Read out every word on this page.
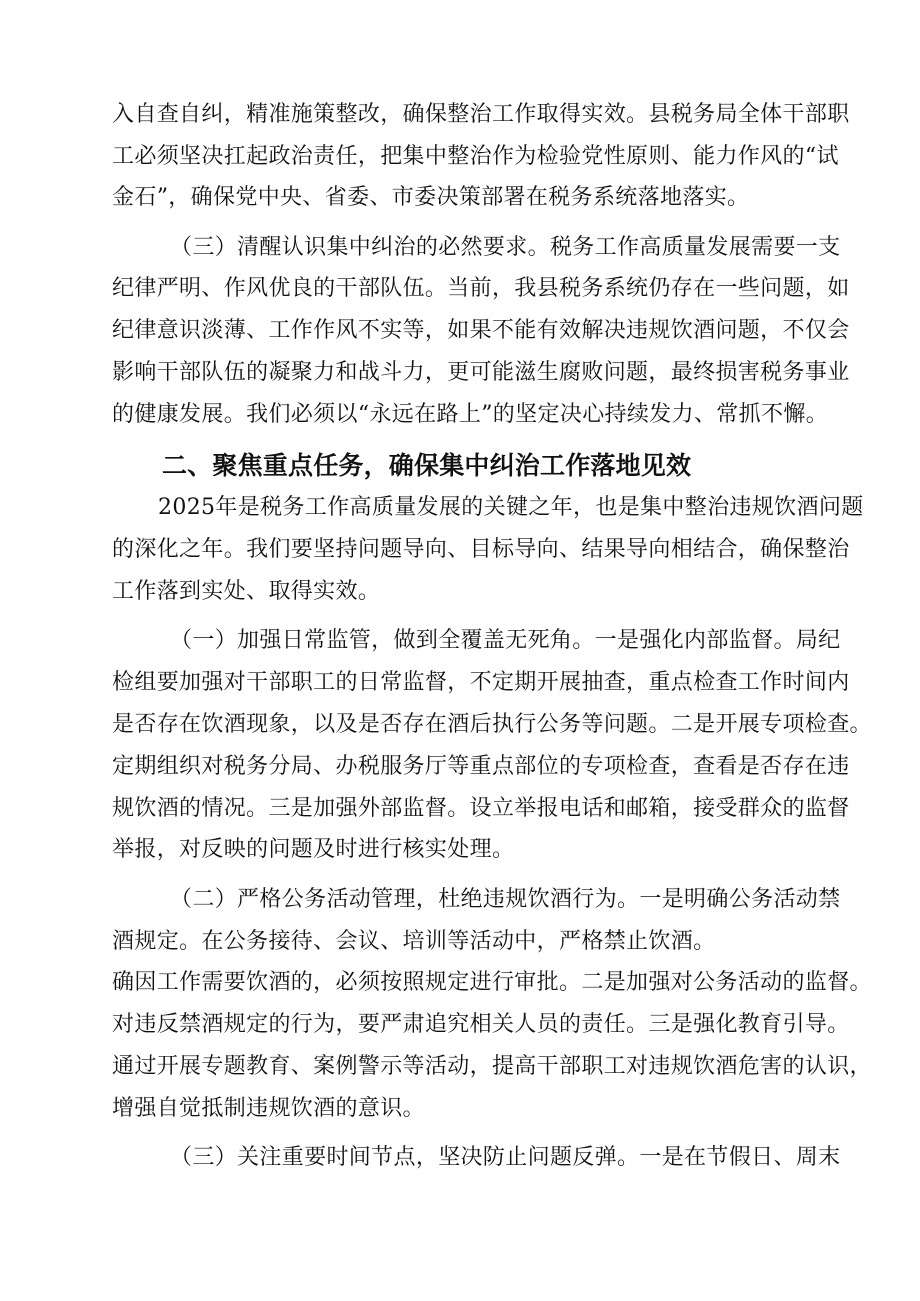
入自查自纠，精准施策整改，确保整治工作取得实效。县税务局全体干部职
工必须坚决扛起政治责任，把集中整治作为检验党性原则、能力作风的“试
金石”，确保党中央、省委、市委决策部署在税务系统落地落实。
（三）清醒认识集中纠治的必然要求。税务工作高质量发展需要一支
纪律严明、作风优良的干部队伍。当前，我县税务系统仍存在一些问题，如
纪律意识淡薄、工作作风不实等，如果不能有效解决违规饮酒问题，不仅会
影响干部队伍的凝聚力和战斗力，更可能滋生腐败问题，最终损害税务事业
的健康发展。我们必须以“永远在路上”的坚定决心持续发力、常抓不懈。
二、聚焦重点任务，确保集中纠治工作落地见效
2025年是税务工作高质量发展的关键之年，也是集中整治违规饮酒问题
的深化之年。我们要坚持问题导向、目标导向、结果导向相结合，确保整治
工作落到实处、取得实效。
（一）加强日常监管，做到全覆盖无死角。一是强化内部监督。局纪
检组要加强对干部职工的日常监督，不定期开展抽查，重点检查工作时间内
是否存在饮酒现象，以及是否存在酒后执行公务等问题。二是开展专项检查。
定期组织对税务分局、办税服务厅等重点部位的专项检查，查看是否存在违
规饮酒的情况。三是加强外部监督。设立举报电话和邮箱，接受群众的监督
举报，对反映的问题及时进行核实处理。
（二）严格公务活动管理，杜绝违规饮酒行为。一是明确公务活动禁
酒规定。在公务接待、会议、培训等活动中，严格禁止饮酒。
确因工作需要饮酒的，必须按照规定进行审批。二是加强对公务活动的监督。
对违反禁酒规定的行为，要严肃追究相关人员的责任。三是强化教育引导。
通过开展专题教育、案例警示等活动，提高干部职工对违规饮酒危害的认识，
增强自觉抵制违规饮酒的意识。
（三）关注重要时间节点，坚决防止问题反弹。一是在节假日、周末
